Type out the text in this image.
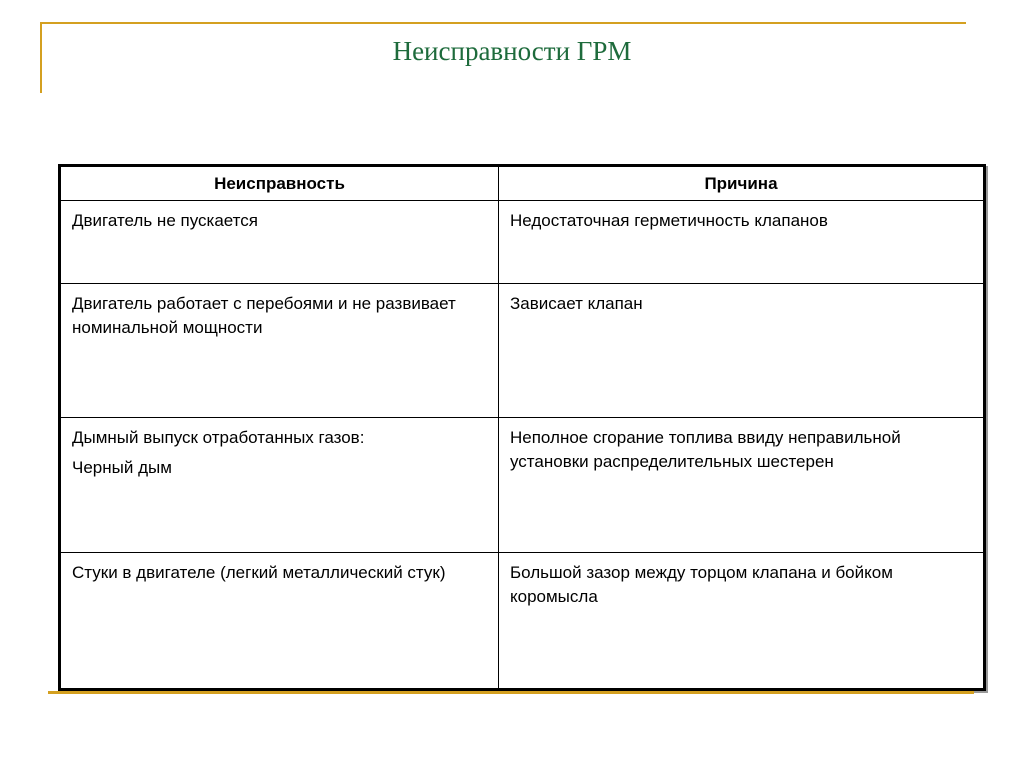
Неисправности ГРМ
Неисправность	Причина
Двигатель не пускается	Недостаточная герметичность клапанов
Двигатель работает с перебоями и не развивает номинальной мощности	Зависает клапан

Дымный выпуск отработанных газов:
Черный дым	Неполное сгорание топлива ввиду неправильной установки распределительных шестерен
Стуки в двигателе (легкий металлический стук)	Большой зазор между торцом клапана и бойком коромысла
